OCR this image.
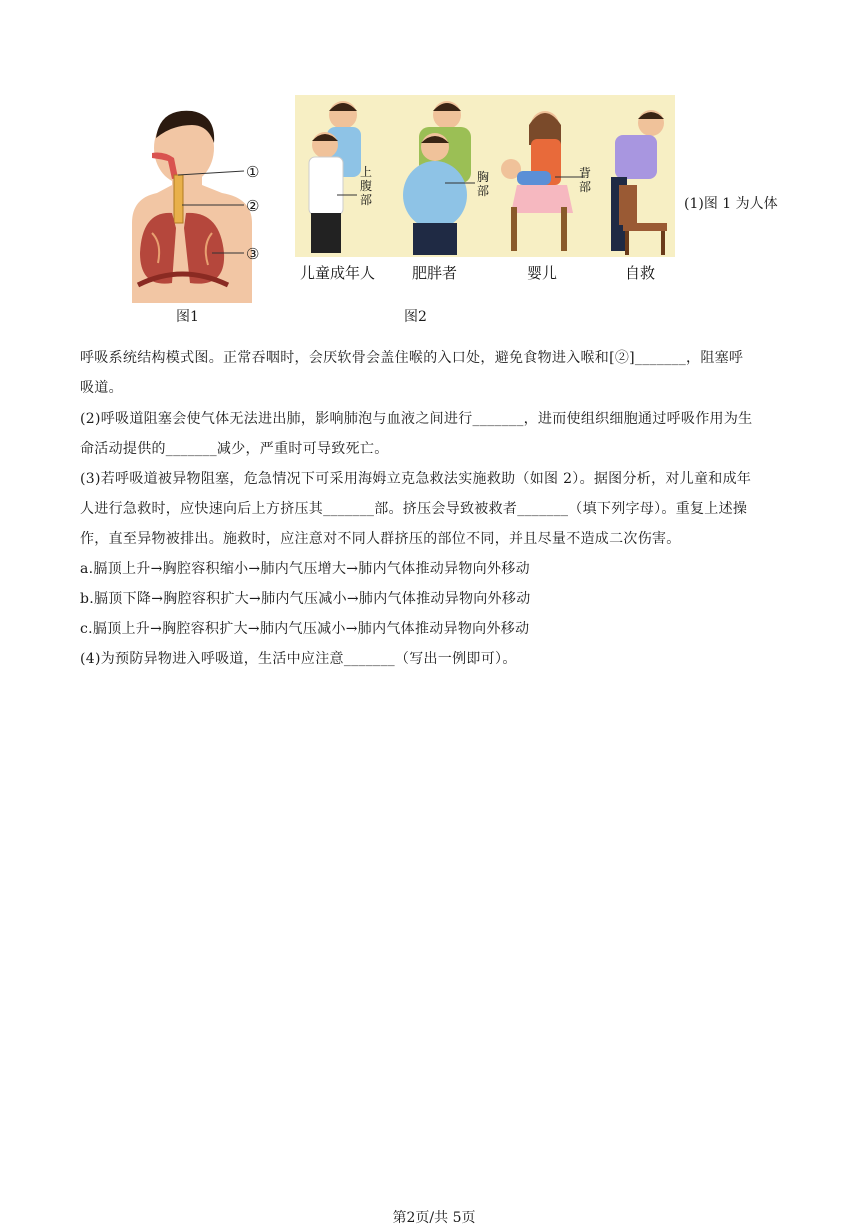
①
②
③
图1
上腹部
胸部
背部
儿童成年人 肥胖者	婴儿	自救
图2
(1)图 1 为人体
呼吸系统结构模式图。正常吞咽时，会厌软骨会盖住喉的入口处，避免食物进入喉和[②]_______，阻塞呼
吸道。
(2)呼吸道阻塞会使气体无法进出肺，影响肺泡与血液之间进行_______，进而使组织细胞通过呼吸作用为生
命活动提供的_______减少，严重时可导致死亡。
(3)若呼吸道被异物阻塞，危急情况下可采用海姆立克急救法实施救助（如图 2）。据图分析，对儿童和成年
人进行急救时，应快速向后上方挤压其_______部。挤压会导致被救者_______（填下列字母）。重复上述操
作，直至异物被排出。施救时，应注意对不同人群挤压的部位不同，并且尽量不造成二次伤害。
a.膈顶上升→胸腔容积缩小→肺内气压增大→肺内气体推动异物向外移动
b.膈顶下降→胸腔容积扩大→肺内气压减小→肺内气体推动异物向外移动
c.膈顶上升→胸腔容积扩大→肺内气压减小→肺内气体推动异物向外移动
(4)为预防异物进入呼吸道，生活中应注意_______（写出一例即可）。
第2页/共 5页
